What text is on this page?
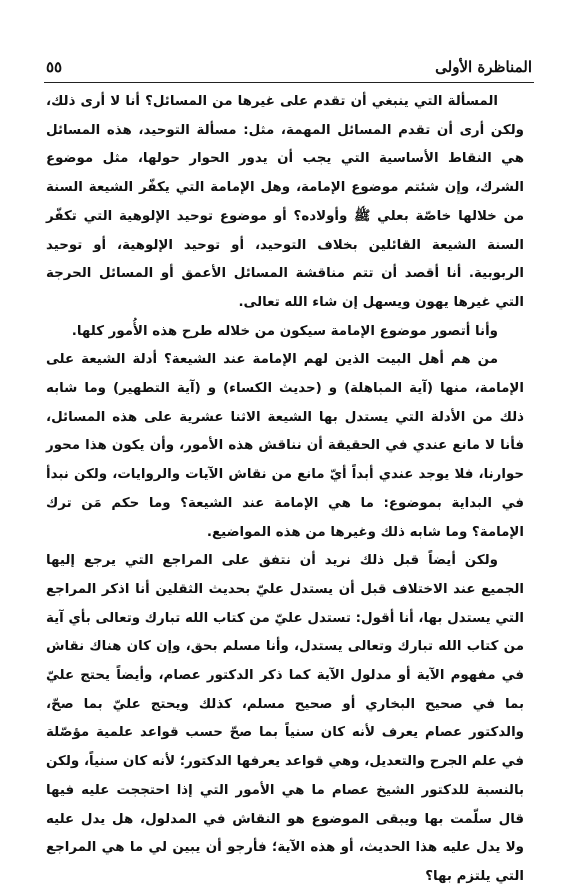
المناظرة الأولى
٥٥

المسألة التي ينبغي أن تقدم على غيرها من المسائل؟ أنا لا أرى ذلك، ولكن أرى أن تقدم المسائل المهمة، مثل: مسألة التوحيد، هذه المسائل هي النقاط الأساسية التي يجب أن يدور الحوار حولها، مثل موضوع الشرك، وإن شئتم موضوع الإمامة، وهل الإمامة التي يكفّر الشيعة السنة من خلالها خاصّة بعلي ﷺ وأولاده؟ أو موضوع توحيد الإلوهية التي تكفّر السنة الشيعة القائلين بخلاف التوحيد، أو توحيد الإلوهية، أو توحيد الربوبية. أنا أقصد أن تتم مناقشة المسائل الأعمق أو المسائل الحرجة التي غيرها يهون ويسهل إن شاء الله تعالى.

وأنا أتصور موضوع الإمامة سيكون من خلاله طرح هذه الأُمور كلها.

من هم أهل البيت الذين لهم الإمامة عند الشيعة؟ أدلة الشيعة على الإمامة، منها (آية المباهلة) و (حديث الكساء) و (آية التطهير) وما شابه ذلك من الأدلة التي يستدل بها الشيعة الاثنا عشرية على هذه المسائل، فأنا لا مانع عندي في الحقيقة أن نناقش هذه الأمور، وأن يكون هذا محور حوارنا، فلا يوجد عندي أبداً أيّ مانع من نقاش الآيات والروايات، ولكن نبدأ في البداية بموضوع: ما هي الإمامة عند الشيعة؟ وما حكم مَن ترك الإمامة؟ وما شابه ذلك وغيرها من هذه المواضيع.

ولكن أيضاً قبل ذلك نريد أن نتفق على المراجع التي يرجع إليها الجميع عند الاختلاف قبل أن يستدل عليّ بحديث الثقلين أنا اذكر المراجع التي يستدل بها، أنا أقول: تستدل عليّ من كتاب الله تبارك وتعالى بأي آية من كتاب الله تبارك وتعالى يستدل، وأنا مسلم بحق، وإن كان هناك نقاش في مفهوم الآية أو مدلول الآية كما ذكر الدكتور عصام، وأيضاً يحتج عليّ بما في صحيح البخاري أو صحيح مسلم، كذلك ويحتج عليّ بما صحّ، والدكتور عصام يعرف لأنه كان سنياً بما صحّ حسب قواعد علمية مؤصّلة في علم الجرح والتعديل، وهي قواعد يعرفها الدكتور؛ لأنه كان سنياً، ولكن بالنسبة للدكتور الشيخ عصام ما هي الأمور التي إذا احتججت عليه فيها قال سلّمت بها ويبقى الموضوع هو النقاش في المدلول، هل يدل عليه ولا يدل عليه هذا الحديث، أو هذه الآية؛ فأرجو أن يبين لي ما هي المراجع التي يلتزم بها؟
